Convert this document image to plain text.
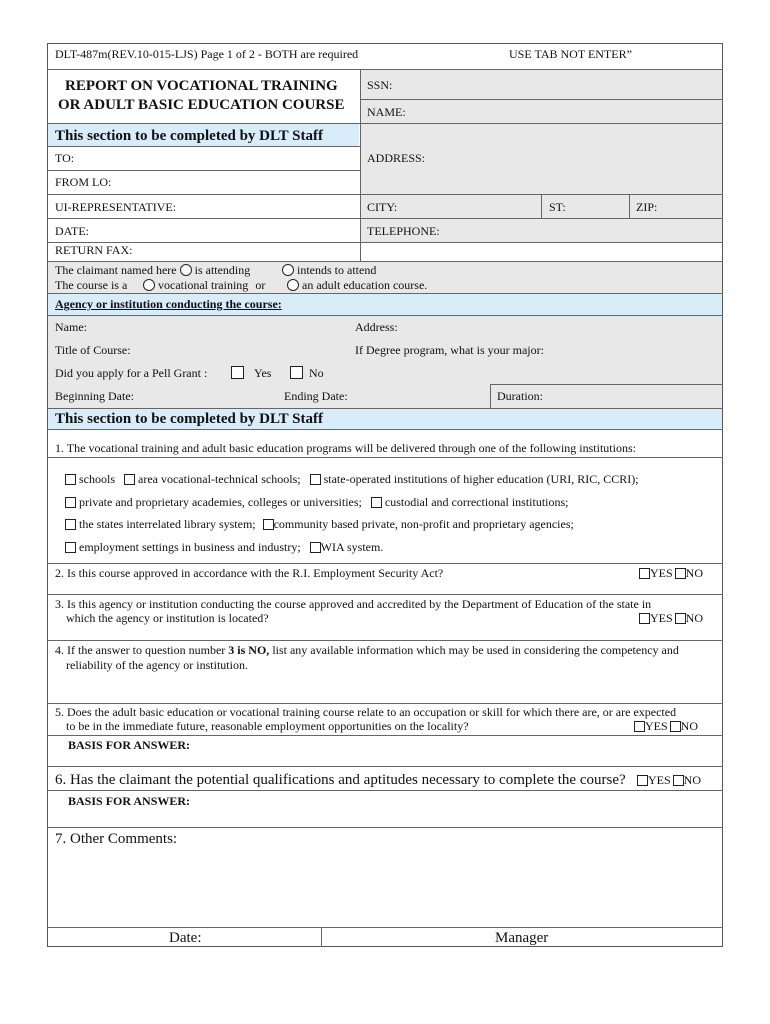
DLT-487m(REV.10-015-LJS) Page 1 of 2 - BOTH are required	USE TAB NOT ENTER”
REPORT ON VOCATIONAL TRAINING
OR ADULT BASIC EDUCATION COURSE
SSN:
NAME:
ADDRESS:
CITY:	ST:	ZIP:
TELEPHONE:
This section to be completed by DLT Staff
TO:
FROM LO:
UI-REPRESENTATIVE:
DATE:
RETURN FAX:
The claimant named here is attending	intends to attend
The course is a	vocational training or	an adult education course.
Agency or institution conducting the course:
Name:	Address:
Title of Course:	If Degree program, what is your major:
Did you apply for a Pell Grant :	Yes	No
Beginning Date:	Ending Date:	Duration:
This section to be completed by DLT Staff
1. The vocational training and adult basic education programs will be delivered through one of the following institutions:
schools area vocational-technical schools; state-operated institutions of higher education (URI, RIC, CCRI);
private and proprietary academies, colleges or universities; custodial and correctional institutions;
the states interrelated library system; community based private, non-profit and proprietary agencies;
employment settings in business and industry; WIA system.
2. Is this course approved in accordance with the R.I. Employment Security Act?	YES NO
3. Is this agency or institution conducting the course approved and accredited by the Department of Education of the state in
which the agency or institution is located?	YES NO
4. If the answer to question number 3 is NO, list any available information which may be used in considering the competency and
reliability of the agency or institution.
5. Does the adult basic education or vocational training course relate to an occupation or skill for which there are, or are expected
to be in the immediate future, reasonable employment opportunities on the locality?	YES NO
BASIS FOR ANSWER:
6. Has the claimant the potential qualifications and aptitudes necessary to complete the course?	YES NO
BASIS FOR ANSWER:
7. Other Comments:
Date:	Manager
